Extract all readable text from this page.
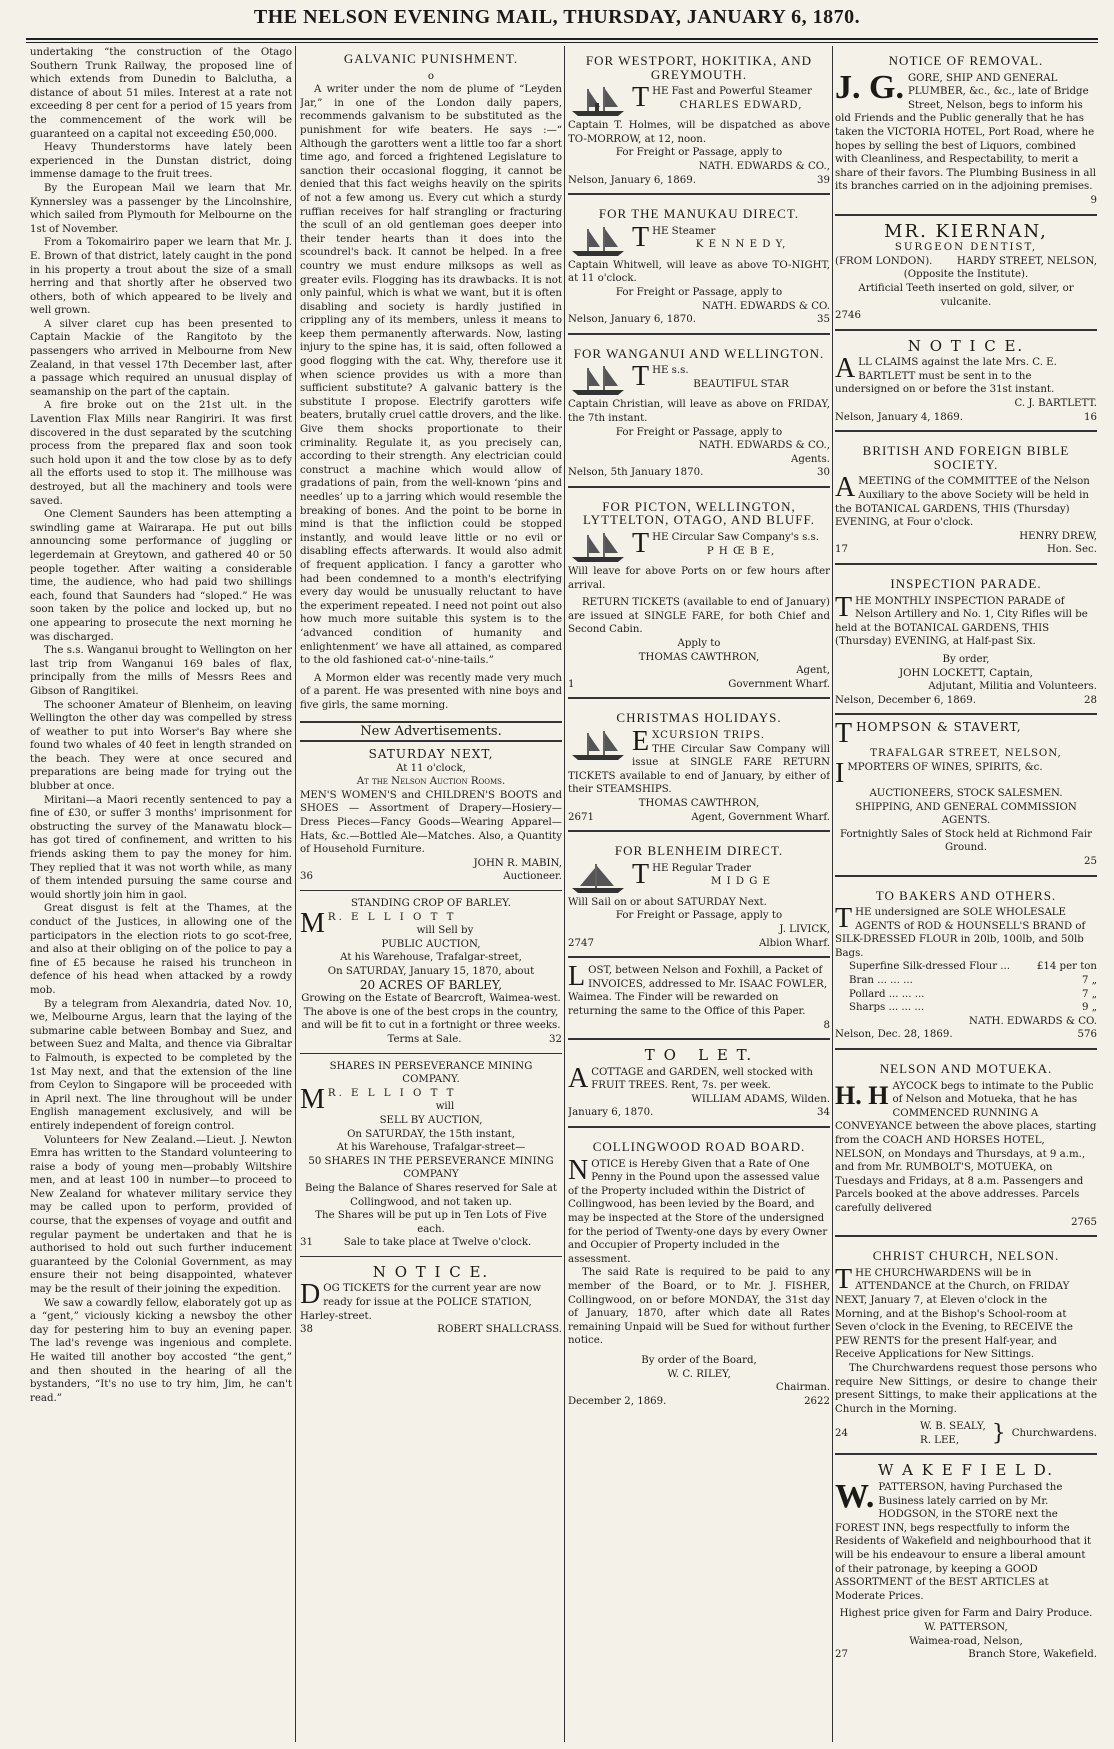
THE NELSON EVENING MAIL, THURSDAY, JANUARY 6, 1870.

undertaking “the construction of the Otago Southern Trunk Railway, the proposed line of which extends from Dunedin to Balclutha, a distance of about 51 miles. Interest at a rate not exceeding 8 per cent for a period of 15 years from the commencement of the work will be guaranteed on a capital not exceeding £50,000.

Heavy Thunderstorms have lately been experienced in the Dunstan district, doing immense damage to the fruit trees.

By the European Mail we learn that Mr. Kynnersley was a passenger by the Lincolnshire, which sailed from Plymouth for Melbourne on the 1st of November.

From a Tokomairiro paper we learn that Mr. J. E. Brown of that district, lately caught in the pond in his property a trout about the size of a small herring and that shortly after he observed two others, both of which appeared to be lively and well grown.

A silver claret cup has been presented to Captain Mackie of the Rangitoto by the passengers who arrived in Melbourne from New Zealand, in that vessel 17th December last, after a passage which required an unusual display of seamanship on the part of the captain.

A fire broke out on the 21st ult. in the Lavention Flax Mills near Rangiriri. It was first discovered in the dust separated by the scutching process from the prepared flax and soon took such hold upon it and the tow close by as to defy all the efforts used to stop it. The millhouse was destroyed, but all the machinery and tools were saved.

One Clement Saunders has been attempting a swindling game at Wairarapa. He put out bills announcing some performance of juggling or legerdemain at Greytown, and gathered 40 or 50 people together. After waiting a considerable time, the audience, who had paid two shillings each, found that Saunders had “sloped.” He was soon taken by the police and locked up, but no one appearing to prosecute the next morning he was discharged.

The s.s. Wanganui brought to Wellington on her last trip from Wanganui 169 bales of flax, principally from the mills of Messrs Rees and Gibson of Rangitikei.

The schooner Amateur of Blenheim, on leaving Wellington the other day was compelled by stress of weather to put into Worser's Bay where she found two whales of 40 feet in length stranded on the beach. They were at once secured and preparations are being made for trying out the blubber at once.

Miritani—a Maori recently sentenced to pay a fine of £30, or suffer 3 months' imprisonment for obstructing the survey of the Manawatu block—has got tired of confinement, and written to his friends asking them to pay the money for him. They replied that it was not worth while, as many of them intended pursuing the same course and would shortly join him in gaol.

Great disgust is felt at the Thames, at the conduct of the Justices, in allowing one of the participators in the election riots to go scot-free, and also at their obliging on of the police to pay a fine of £5 because he raised his truncheon in defence of his head when attacked by a rowdy mob.

By a telegram from Alexandria, dated Nov. 10, we, Melbourne Argus, learn that the laying of the submarine cable between Bombay and Suez, and between Suez and Malta, and thence via Gibraltar to Falmouth, is expected to be completed by the 1st May next, and that the extension of the line from Ceylon to Singapore will be proceeded with in April next. The line throughout will be under English management exclusively, and will be entirely independent of foreign control.

Volunteers for New Zealand.—Lieut. J. Newton Emra has written to the Standard volunteering to raise a body of young men—probably Wiltshire men, and at least 100 in number—to proceed to New Zealand for whatever military service they may be called upon to perform, provided of course, that the expenses of voyage and outfit and regular payment be undertaken and that he is authorised to hold out such further inducement guaranteed by the Colonial Government, as may ensure their not being disappointed, whatever may be the result of their joining the expedition.

We saw a cowardly fellow, elaborately got up as a “gent,” viciously kicking a newsboy the other day for pestering him to buy an evening paper. The lad's revenge was ingenious and complete. He waited till another boy accosted “the gent,” and then shouted in the hearing of all the bystanders, “It's no use to try him, Jim, he can't read.”

GALVANIC PUNISHMENT.
o

A writer under the nom de plume of “Leyden Jar,” in one of the London daily papers, recommends galvanism to be substituted as the punishment for wife beaters. He says :—“ Although the garotters went a little too far a short time ago, and forced a frightened Legislature to sanction their occasional flogging, it cannot be denied that this fact weighs heavily on the spirits of not a few among us. Every cut which a sturdy ruffian receives for half strangling or fracturing the scull of an old gentleman goes deeper into their tender hearts than it does into the scoundrel's back. It cannot be helped. In a free country we must endure milksops as well as greater evils. Flogging has its drawbacks. It is not only painful, which is what we want, but it is often disabling and society is hardly justified in crippling any of its members, unless it means to keep them permanently afterwards. Now, lasting injury to the spine has, it is said, often followed a good flogging with the cat. Why, therefore use it when science provides us with a more than sufficient substitute? A galvanic battery is the substitute I propose. Electrify garotters wife beaters, brutally cruel cattle drovers, and the like. Give them shocks proportionate to their criminality. Regulate it, as you precisely can, according to their strength. Any electrician could construct a machine which would allow of gradations of pain, from the well-known ‘pins and needles’ up to a jarring which would resemble the breaking of bones. And the point to be borne in mind is that the infliction could be stopped instantly, and would leave little or no evil or disabling effects afterwards. It would also admit of frequent application. I fancy a garotter who had been condemned to a month's electrifying every day would be unusually reluctant to have the experiment repeated. I need not point out also how much more suitable this system is to the ‘advanced condition of humanity and enlightenment’ we have all attained, as compared to the old fashioned cat-o'-nine-tails.”

A Mormon elder was recently made very much of a parent. He was presented with nine boys and five girls, the same morning.

New Advertisements.
SATURDAY NEXT,
At 11 o'clock,
At the Nelson Auction Rooms.

MEN'S WOMEN'S and CHILDREN'S BOOTS and SHOES — Assortment of Drapery—Hosiery—Dress Pieces—Fancy Goods—Wearing Apparel—Hats, &c.—Bottled Ale—Matches. Also, a Quantity of Household Furniture.

JOHN R. MABIN,
36	Auctioneer.
STANDING CROP OF BARLEY.
M R. E L L I O T T
will Sell by
PUBLIC AUCTION,
At his Warehouse, Trafalgar-street,
On SATURDAY, January 15, 1870, about
20 ACRES OF BARLEY,
Growing on the Estate of Bearcroft, Waimea-west.
The above is one of the best crops in the country, and will be fit to cut in a fortnight or three weeks.
Terms at Sale.	32
SHARES IN PERSEVERANCE MINING COMPANY.
M R. E L L I O T T
will
SELL BY AUCTION,
On SATURDAY, the 15th instant,
At his Warehouse, Trafalgar-street—
50 SHARES IN THE PERSEVERANCE MINING COMPANY
Being the Balance of Shares reserved for Sale at Collingwood, and not taken up.
The Shares will be put up in Ten Lots of Five each.
31	Sale to take place at Twelve o'clock.
N O T I C E.
DOG TICKETS for the current year are now ready for issue at the POLICE STATION, Harley-street.
38	ROBERT SHALLCRASS.
FOR WESTPORT, HOKITIKA, AND GREYMOUTH.
THE Fast and Powerful Steamer
CHARLES EDWARD,

Captain T. Holmes, will be dispatched as above TO-MORROW, at 12, noon.

For Freight or Passage, apply to
NATH. EDWARDS & CO.,
Nelson, January 6, 1869.	39
FOR THE MANUKAU DIRECT.
THE Steamer
K E N N E D Y,

Captain Whitwell, will leave as above TO-NIGHT, at 11 o'clock.

For Freight or Passage, apply to
NATH. EDWARDS & CO.
Nelson, January 6, 1870.	35
FOR WANGANUI AND WELLINGTON.
THE s.s.
BEAUTIFUL STAR

Captain Christian, will leave as above on FRIDAY, the 7th instant.

For Freight or Passage, apply to
NATH. EDWARDS & CO.,
Agents.
Nelson, 5th January 1870.	30
FOR PICTON, WELLINGTON, LYTTELTON, OTAGO, AND BLUFF.
THE Circular Saw Company's s.s.
P H Œ B E,

Will leave for above Ports on or few hours after arrival.

RETURN TICKETS (available to end of January) are issued at SINGLE FARE, for both Chief and Second Cabin.

Apply to
THOMAS CAWTHRON,
Agent,
1	Government Wharf.
CHRISTMAS HOLIDAYS.
EXCURSION TRIPS.

THE Circular Saw Company will issue at SINGLE FARE RETURN TICKETS available to end of January, by either of their STEAMSHIPS.

THOMAS CAWTHRON,
2671	Agent, Government Wharf.
FOR BLENHEIM DIRECT.
THE Regular Trader
M I D G E

Will Sail on or about SATURDAY Next.

For Freight or Passage, apply to
J. LIVICK,
2747	Albion Wharf.
LOST, between Nelson and Foxhill, a Packet of INVOICES, addressed to Mr. ISAAC FOWLER, Waimea. The Finder will be rewarded on returning the same to the Office of this Paper.
8
T O   L E T.
ACOTTAGE and GARDEN, well stocked with FRUIT TREES. Rent, 7s. per week.
WILLIAM ADAMS, Wilden.
January 6, 1870.	34
COLLINGWOOD ROAD BOARD.
NOTICE is Hereby Given that a Rate of One Penny in the Pound upon the assessed value of the Property included within the District of Collingwood, has been levied by the Board, and may be inspected at the Store of the undersigned for the period of Twenty-one days by every Owner and Occupier of Property included in the assessment.

The said Rate is required to be paid to any member of the Board, or to Mr. J. FISHER, Collingwood, on or before MONDAY, the 31st day of January, 1870, after which date all Rates remaining Unpaid will be Sued for without further notice.

By order of the Board,
W. C. RILEY,
Chairman.
December 2, 1869.	2622
NOTICE OF REMOVAL.
J. G. GORE, SHIP AND GENERAL PLUMBER, &c., &c., late of Bridge Street, Nelson, begs to inform his old Friends and the Public generally that he has taken the VICTORIA HOTEL, Port Road, where he hopes by selling the best of Liquors, combined with Cleanliness, and Respectability, to merit a share of their favors. The Plumbing Business in all its branches carried on in the adjoining premises.
9
MR. KIERNAN,
SURGEON DENTIST,
(FROM LONDON). HARDY STREET, NELSON,
(Opposite the Institute).
Artificial Teeth inserted on gold, silver, or vulcanite.
2746
N O T I C E.
ALL CLAIMS against the late Mrs. C. E. BARTLETT must be sent in to the undersigned on or before the 31st instant.
C. J. BARTLETT.
Nelson, January 4, 1869.	16
BRITISH AND FOREIGN BIBLE SOCIETY.
AMEETING of the COMMITTEE of the Nelson Auxiliary to the above Society will be held in the BOTANICAL GARDENS, THIS (Thursday) EVENING, at Four o'clock.
HENRY DREW,
17	Hon. Sec.
INSPECTION PARADE.
THE MONTHLY INSPECTION PARADE of Nelson Artillery and No. 1, City Rifles will be held at the BOTANICAL GARDENS, THIS (Thursday) EVENING, at Half-past Six.
By order,
JOHN LOCKETT, Captain,
Adjutant, Militia and Volunteers.
Nelson, December 6, 1869.	28
THOMPSON & STAVERT,
TRAFALGAR STREET, NELSON,
IMPORTERS OF WINES, SPIRITS, &c.
AUCTIONEERS, STOCK SALESMEN.
SHIPPING, AND GENERAL COMMISSION AGENTS.
Fortnightly Sales of Stock held at Richmond Fair Ground.
25
TO BAKERS AND OTHERS.
THE undersigned are SOLE WHOLESALE AGENTS of ROD & HOUNSELL'S BRAND of SILK-DRESSED FLOUR in 20lb, 100lb, and 50lb Bags.
Superfine Silk-dressed Flour ...	£14 per ton
Bran ... ... ...	7 „
Pollard ... ... ...	7 „
Sharps ... ... ...	9 „
NATH. EDWARDS & CO.
Nelson, Dec. 28, 1869.	576
NELSON AND MOTUEKA.
H. H AYCOCK begs to intimate to the Public of Nelson and Motueka, that he has COMMENCED RUNNING A CONVEYANCE between the above places, starting from the COACH AND HORSES HOTEL, NELSON, on Mondays and Thursdays, at 9 a.m., and from Mr. RUMBOLT'S, MOTUEKA, on Tuesdays and Fridays, at 8 a.m. Passengers and Parcels booked at the above addresses. Parcels carefully delivered
2765
CHRIST CHURCH, NELSON.
THE CHURCHWARDENS will be in ATTENDANCE at the Church, on FRIDAY NEXT, January 7, at Eleven o'clock in the Morning, and at the Bishop's School-room at Seven o'clock in the Evening, to RECEIVE the PEW RENTS for the present Half-year, and Receive Applications for New Sittings.

The Churchwardens request those persons who require New Sittings, or desire to change their present Sittings, to make their applications at the Church in the Morning.

24
W. B. SEALY,
R. LEE,	} Churchwardens.
W A K E F I E L D.
W. PATTERSON, having Purchased the Business lately carried on by Mr. HODGSON, in the STORE next the FOREST INN, begs respectfully to inform the Residents of Wakefield and neighbourhood that it will be his endeavour to ensure a liberal amount of their patronage, by keeping a GOOD ASSORTMENT of the BEST ARTICLES at Moderate Prices.
Highest price given for Farm and Dairy Produce.
W. PATTERSON,
Waimea-road, Nelson,
27	Branch Store, Wakefield.
